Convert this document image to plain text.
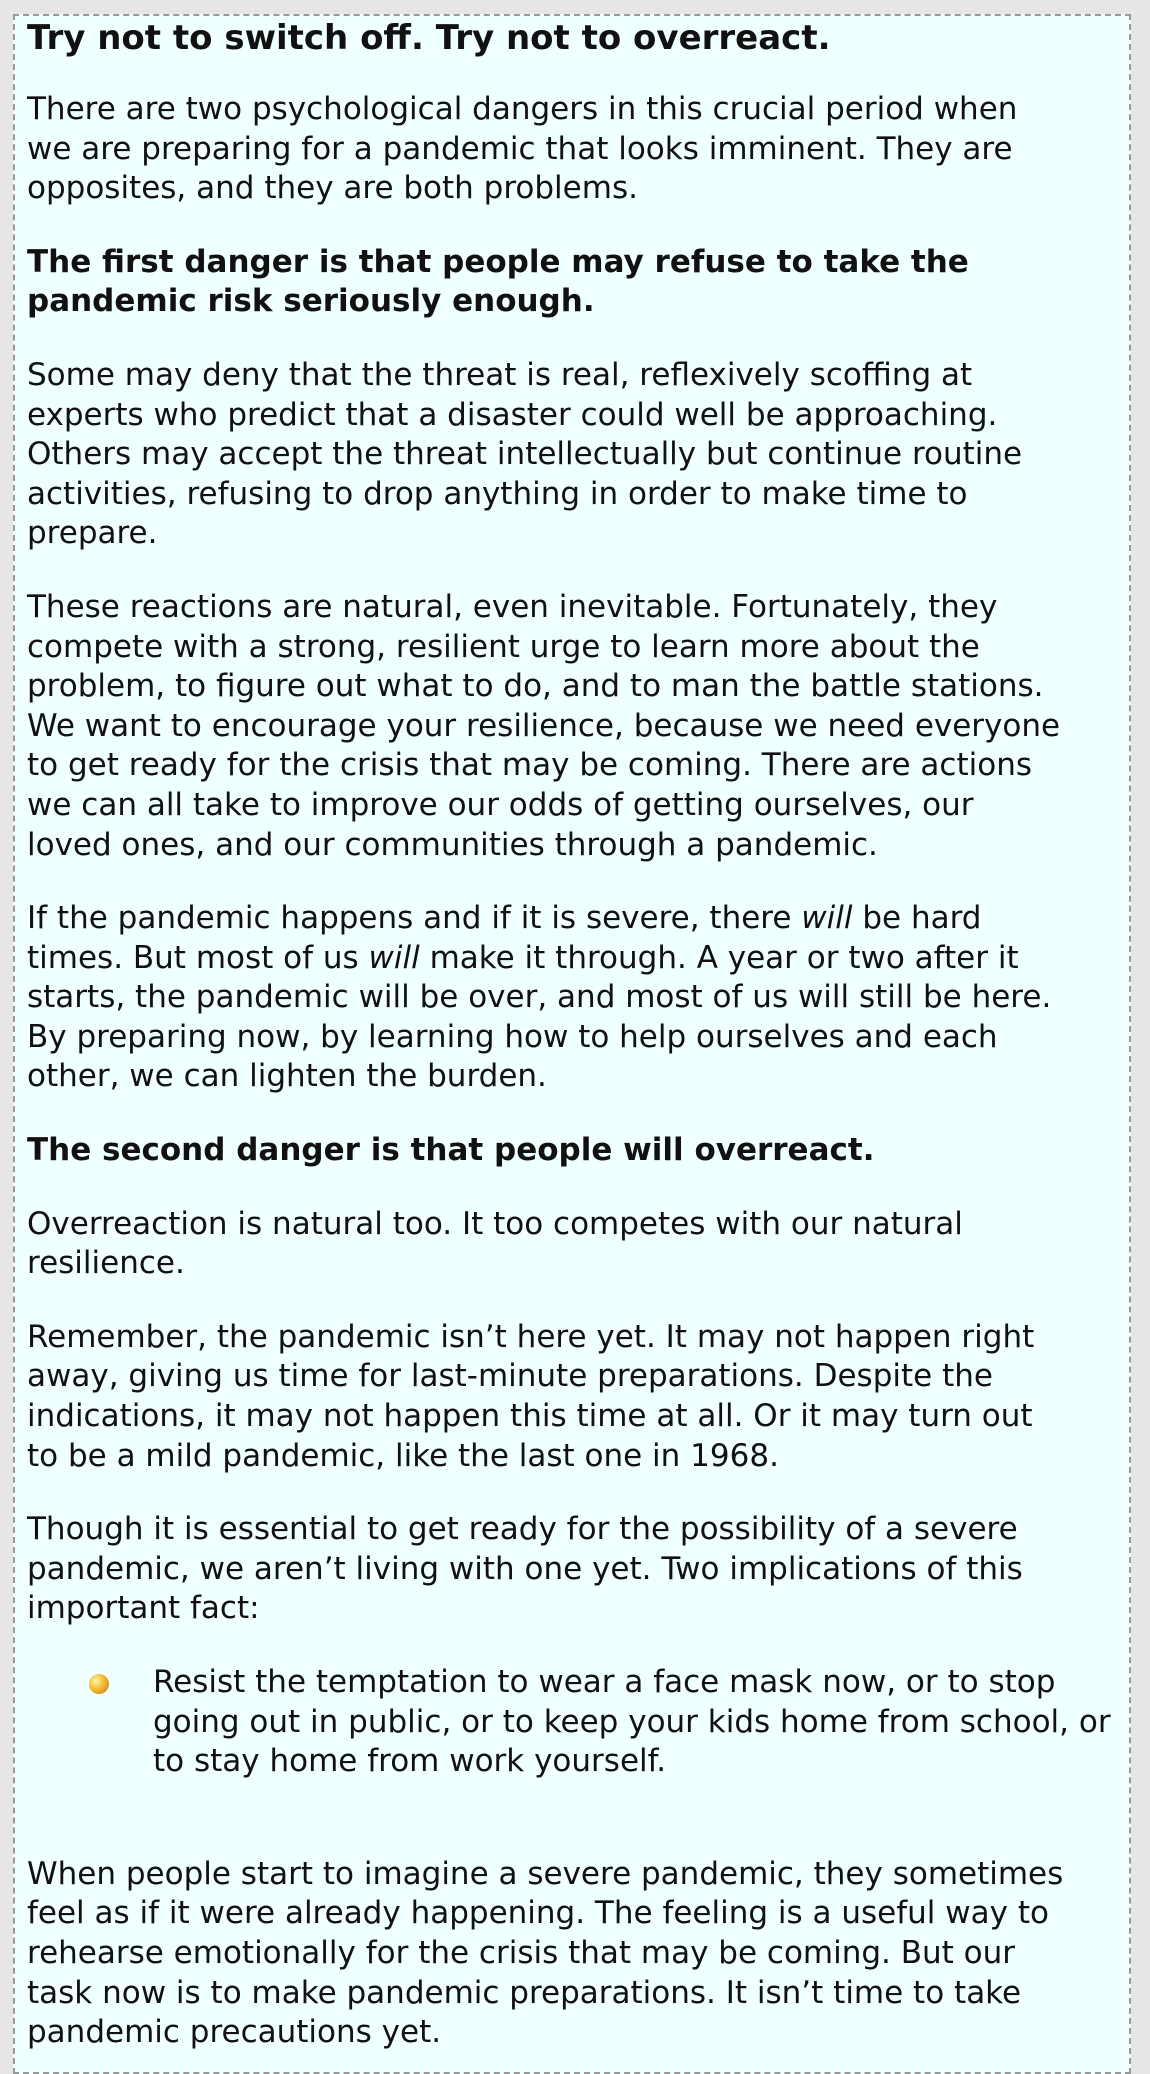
Try not to switch off. Try not to overreact.

There are two psychological dangers in this crucial period when
we are preparing for a pandemic that looks imminent. They are
opposites, and they are both problems.

The first danger is that people may refuse to take the
pandemic risk seriously enough.

Some may deny that the threat is real, reflexively scoffing at
experts who predict that a disaster could well be approaching.
Others may accept the threat intellectually but continue routine
activities, refusing to drop anything in order to make time to
prepare.

These reactions are natural, even inevitable. Fortunately, they
compete with a strong, resilient urge to learn more about the
problem, to figure out what to do, and to man the battle stations.
We want to encourage your resilience, because we need everyone
to get ready for the crisis that may be coming. There are actions
we can all take to improve our odds of getting ourselves, our
loved ones, and our communities through a pandemic.

If the pandemic happens and if it is severe, there will be hard
times. But most of us will make it through. A year or two after it
starts, the pandemic will be over, and most of us will still be here.
By preparing now, by learning how to help ourselves and each
other, we can lighten the burden.

The second danger is that people will overreact.

Overreaction is natural too. It too competes with our natural
resilience.

Remember, the pandemic isn’t here yet. It may not happen right
away, giving us time for last-minute preparations. Despite the
indications, it may not happen this time at all. Or it may turn out
to be a mild pandemic, like the last one in 1968.

Though it is essential to get ready for the possibility of a severe
pandemic, we aren’t living with one yet. Two implications of this
important fact:

Resist the temptation to wear a face mask now, or to stop
going out in public, or to keep your kids home from school, or
to stay home from work yourself.

When people start to imagine a severe pandemic, they sometimes
feel as if it were already happening. The feeling is a useful way to
rehearse emotionally for the crisis that may be coming. But our
task now is to make pandemic preparations. It isn’t time to take
pandemic precautions yet.
